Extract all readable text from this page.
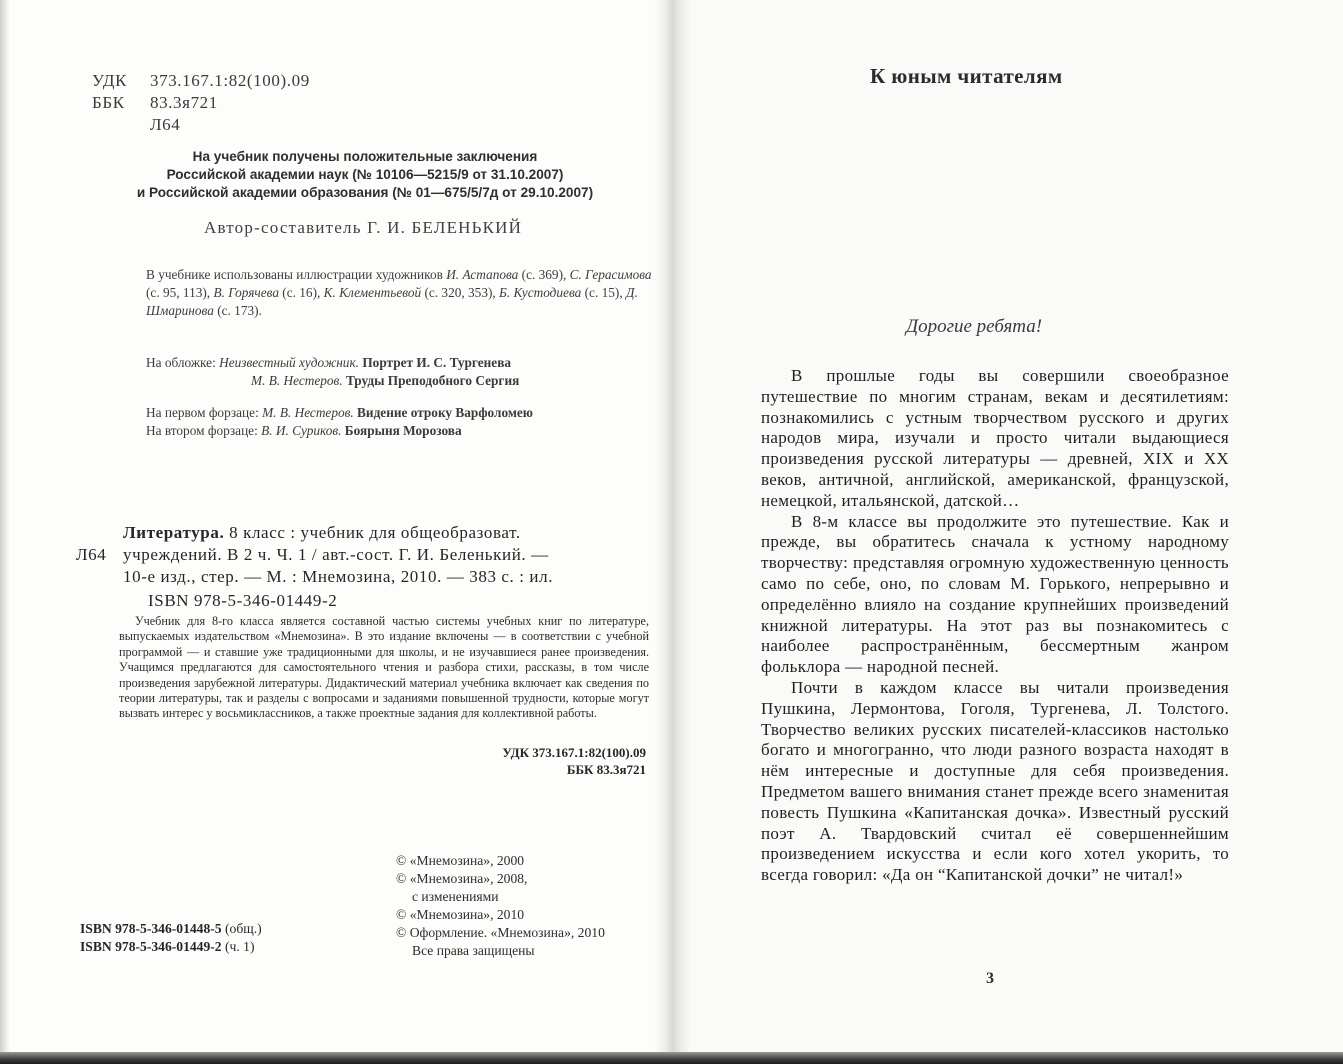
УДК	373.167.1:82(100).09
ББК	83.3я721
Л64
На учебник получены положительные заключения
Российской академии наук (№ 10106—5215/9 от 31.10.2007)
и Российской академии образования (№ 01—675/5/7д от 29.10.2007)
Автор-составитель Г. И. БЕЛЕНЬКИЙ
В учебнике использованы иллюстрации художников И. Астапова (с. 369), С. Герасимова (с. 95, 113), В. Горячева (с. 16), К. Клементьевой (с. 320, 353), Б. Кустодиева (с. 15), Д. Шмаринова (с. 173).
На обложке: Неизвестный художник. Портрет И. С. Тургенева
М. В. Нестеров. Труды Преподобного Сергия
На первом форзаце: М. В. Нестеров. Видение отроку Варфоломею
На втором форзаце: В. И. Суриков. Боярыня Морозова
Литература. 8 класс : учебник для общеобразоват.
Л64 учреждений. В 2 ч. Ч. 1 / авт.-сост. Г. И. Беленький. —
10-е изд., стер. — М. : Мнемозина, 2010. — 383 с. : ил.
ISBN 978-5-346-01449-2
Учебник для 8-го класса является составной частью системы учебных книг по литературе, выпускаемых издательством «Мнемозина». В это издание включены — в соответствии с учебной программой — и ставшие уже традиционными для школы, и не изучавшиеся ранее произведения. Учащимся предлагаются для самостоятельного чтения и разбора стихи, рассказы, в том числе произведения зарубежной литературы. Дидактический материал учебника включает как сведения по теории литературы, так и разделы с вопросами и заданиями повышенной трудности, которые могут вызвать интерес у восьмиклассников, а также проектные задания для коллективной работы.
УДК 373.167.1:82(100).09
ББК 83.3я721
© «Мнемозина», 2000
© «Мнемозина», 2008,
с изменениями
© «Мнемозина», 2010
© Оформление. «Мнемозина», 2010
Все права защищены
ISBN 978-5-346-01448-5 (общ.)
ISBN 978-5-346-01449-2 (ч. 1)
К юным читателям
Дорогие ребята!

В прошлые годы вы совершили своеобразное путешествие по многим странам, векам и десятилетиям: познакомились с устным творчеством русского и других народов мира, изучали и просто читали выдающиеся произведения русской литературы — древней, XIX и XX веков, античной, английской, американской, французской, немецкой, итальянской, датской…

В 8-м классе вы продолжите это путешествие. Как и прежде, вы обратитесь сначала к устному народному творчеству: представляя огромную художественную ценность само по себе, оно, по словам М. Горького, непрерывно и определённо влияло на создание крупнейших произведений книжной литературы. На этот раз вы познакомитесь с наиболее распространённым, бессмертным жанром фольклора — народной песней.

Почти в каждом классе вы читали произведения Пушкина, Лермонтова, Гоголя, Тургенева, Л. Толстого. Творчество великих русских писателей-классиков настолько богато и многогранно, что люди разного возраста находят в нём интересные и доступные для себя произведения. Предметом вашего внимания станет прежде всего знаменитая повесть Пушкина «Капитанская дочка». Известный русский поэт А. Твардовский считал её совершеннейшим произведением искусства и если кого хотел укорить, то всегда говорил: «Да он “Капитанской дочки” не читал!»

3
